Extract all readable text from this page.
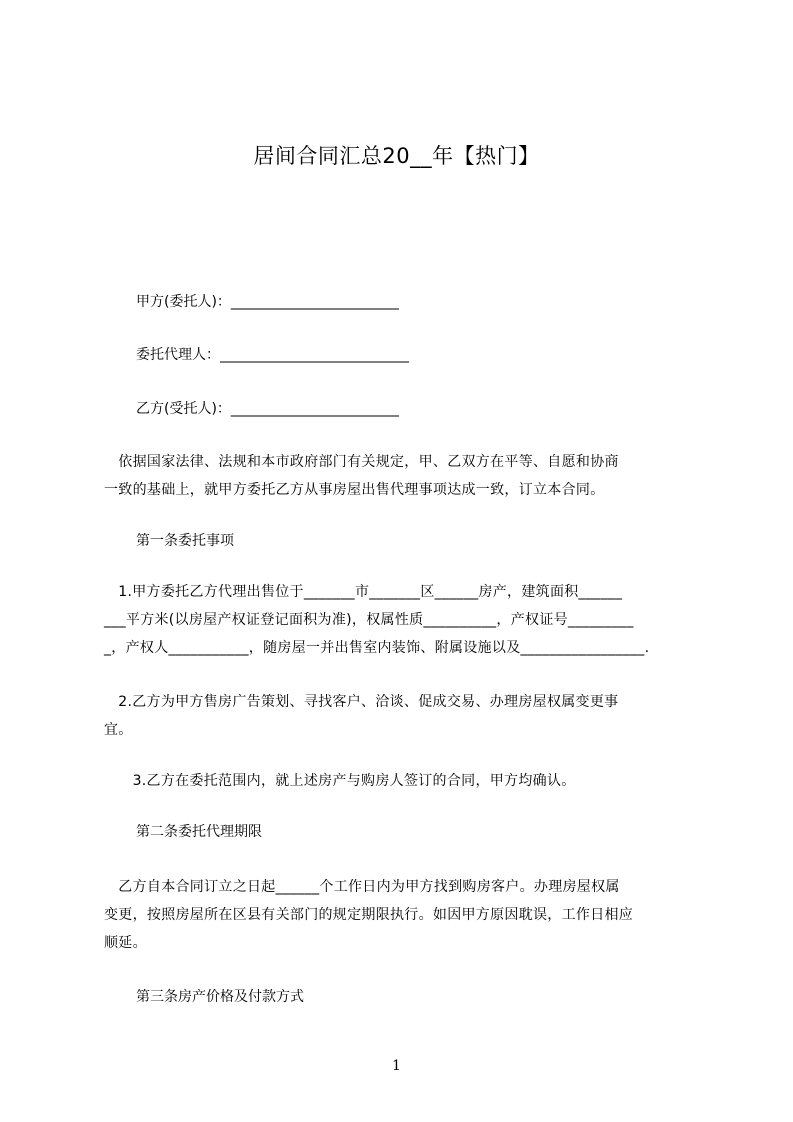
居间合同汇总20__年【热门】
甲方(委托人)：________________________
委托代理人：___________________________
乙方(受托人)：________________________
　依据国家法律、法规和本市政府部门有关规定，甲、乙双方在平等、自愿和协商
一致的基础上，就甲方委托乙方从事房屋出售代理事项达成一致，订立本合同。
第一条委托事项
　1.甲方委托乙方代理出售位于_______市_______区______房产，建筑面积______
___平方米(以房屋产权证登记面积为准)，权属性质__________，产权证号_________
_，产权人___________，随房屋一并出售室内装饰、附属设施以及_________________.
　2.乙方为甲方售房广告策划、寻找客户、洽谈、促成交易、办理房屋权属变更事
宜。
　　3.乙方在委托范围内，就上述房产与购房人签订的合同，甲方均确认。
第二条委托代理期限
　乙方自本合同订立之日起______个工作日内为甲方找到购房客户。办理房屋权属
变更，按照房屋所在区县有关部门的规定期限执行。如因甲方原因耽误，工作日相应
顺延。
第三条房产价格及付款方式
1
